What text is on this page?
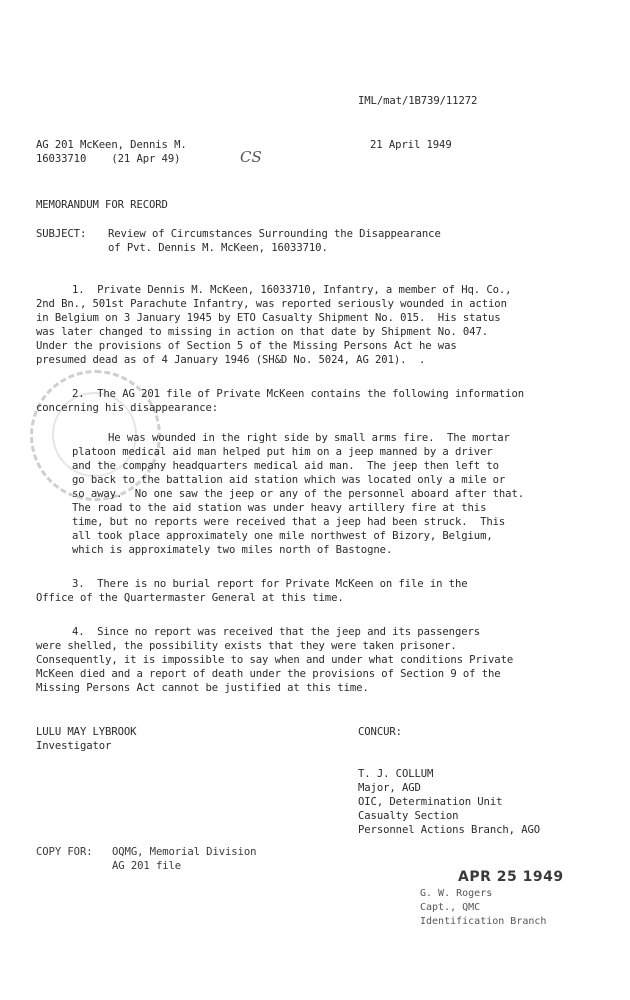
IML/mat/1B739/11272
AG 201 McKeen, Dennis M.
16033710    (21 Apr 49)
21 April 1949
CS
MEMORANDUM FOR RECORD
SUBJECT: Review of Circumstances Surrounding the Disappearance
of Pvt. Dennis M. McKeen, 16033710.
1.  Private Dennis M. McKeen, 16033710, Infantry, a member of Hq. Co.,
2nd Bn., 501st Parachute Infantry, was reported seriously wounded in action
in Belgium on 3 January 1945 by ETO Casualty Shipment No. 015.  His status
was later changed to missing in action on that date by Shipment No. 047.
Under the provisions of Section 5 of the Missing Persons Act he was
presumed dead as of 4 January 1946 (SH&D No. 5024, AG 201).  .
2.  The AG 201 file of Private McKeen contains the following information
concerning his disappearance:
He was wounded in the right side by small arms fire.  The mortar
platoon medical aid man helped put him on a jeep manned by a driver
and the company headquarters medical aid man.  The jeep then left to
go back to the battalion aid station which was located only a mile or
so away.  No one saw the jeep or any of the personnel aboard after that.
The road to the aid station was under heavy artillery fire at this
time, but no reports were received that a jeep had been struck.  This
all took place approximately one mile northwest of Bizory, Belgium,
which is approximately two miles north of Bastogne.
3.  There is no burial report for Private McKeen on file in the
Office of the Quartermaster General at this time.
4.  Since no report was received that the jeep and its passengers
were shelled, the possibility exists that they were taken prisoner.
Consequently, it is impossible to say when and under what conditions Private
McKeen died and a report of death under the provisions of Section 9 of the
Missing Persons Act cannot be justified at this time.
LULU MAY LYBROOK
Investigator
CONCUR:
T. J. COLLUM
Major, AGD
OIC, Determination Unit
Casualty Section
Personnel Actions Branch, AGO
COPY FOR: OQMG, Memorial Division
AG 201 file
APR 25 1949
G. W. Rogers
Capt., QMC
Identification Branch
